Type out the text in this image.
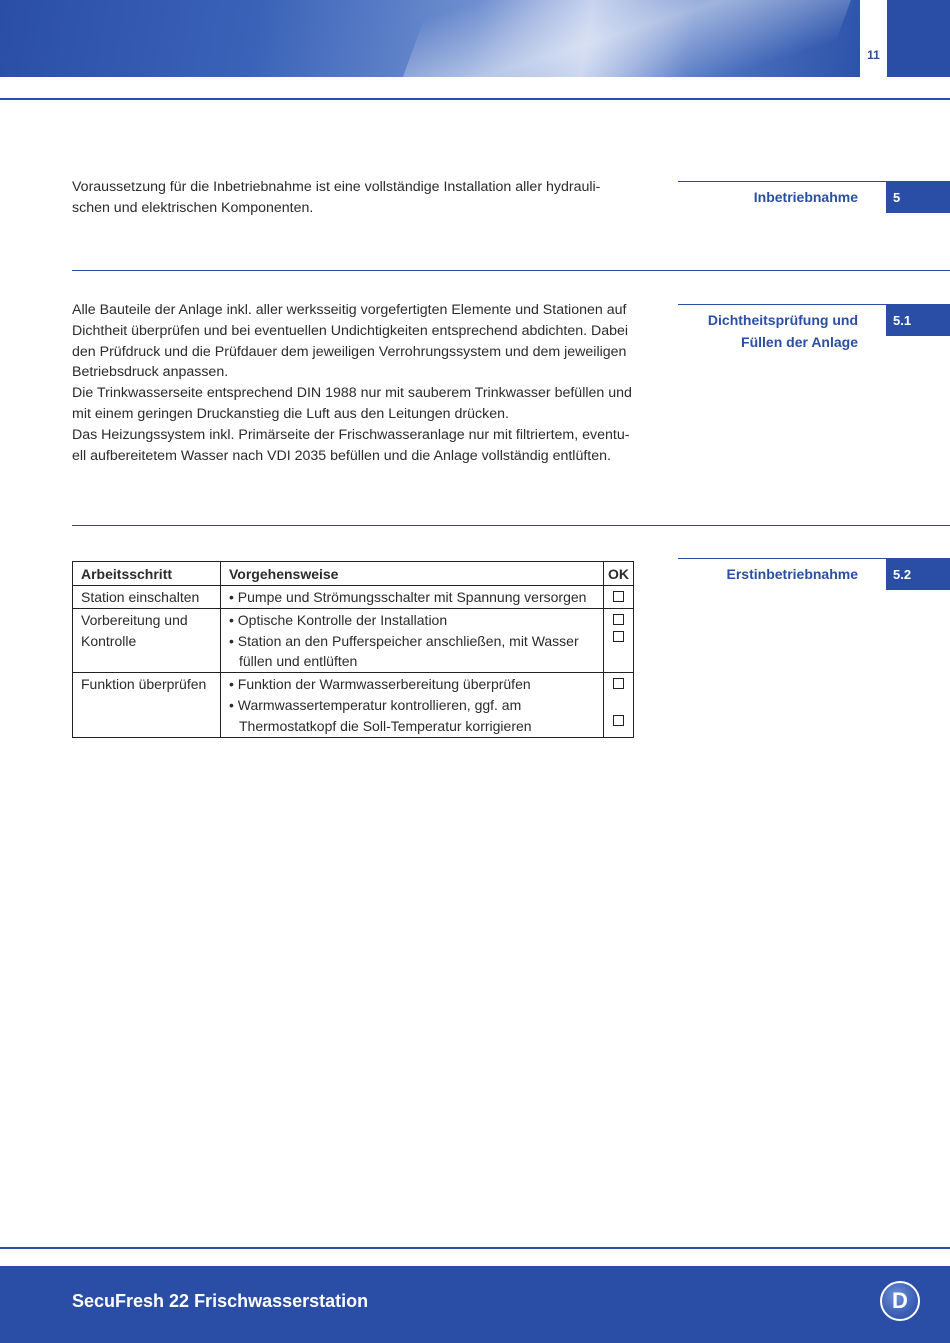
11

Voraussetzung für die Inbetriebnahme ist eine vollständige Installation aller hydrauli-schen und elektrischen Komponenten.

Inbetriebnahme	5

Alle Bauteile der Anlage inkl. aller werksseitig vorgefertigten Elemente und Stationen auf Dichtheit überprüfen und bei eventuellen Undichtigkeiten entsprechend abdichten. Dabei den Prüfdruck und die Prüfdauer dem jeweiligen Verrohrungssystem und dem jeweiligen Betriebsdruck anpassen.

Die Trinkwasserseite entsprechend DIN 1988 nur mit sauberem Trinkwasser befüllen und mit einem geringen Druckanstieg die Luft aus den Leitungen drücken.

Das Heizungssystem inkl. Primärseite der Frischwasseranlage nur mit filtriertem, eventu-ell aufbereitetem Wasser nach VDI 2035 befüllen und die Anlage vollständig entlüften.

Dichtheitsprüfung und
Füllen der Anlage
5.1
Erstinbetriebnahme	5.2
Arbeitsschritt	Vorgehensweise	OK

Station einschalten	• Pumpe und Strömungsschalter mit Spannung versorgen	

Vorbereitung und
Kontrolle	• Optische Kontrolle der Installation
• Station an den Pufferspeicher anschließen, mit Wasser füllen und entlüften	

Funktion überprüfen	• Funktion der Warmwasserbereitung überprüfen
• Warmwassertemperatur kontrollieren, ggf. am Thermostatkopf die Soll-Temperatur korrigieren	

SecuFresh 22 Frischwasserstation	D
